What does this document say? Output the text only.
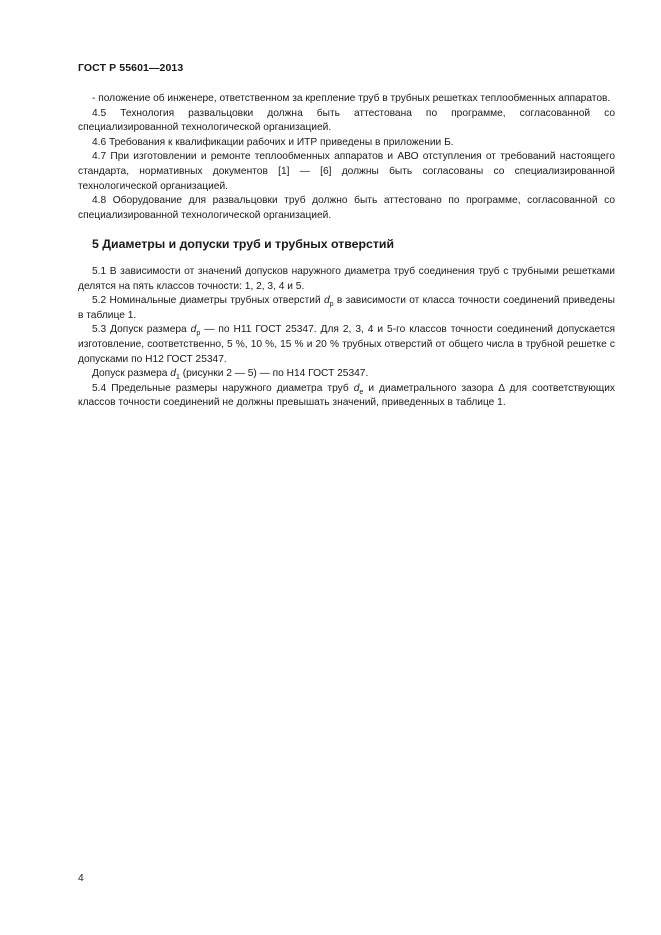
ГОСТ Р 55601—2013

- положение об инженере, ответственном за крепление труб в трубных решетках теплообменных аппаратов.

4.5 Технология развальцовки должна быть аттестована по программе, согласованной со специализированной технологической организацией.

4.6 Требования к квалификации рабочих и ИТР приведены в приложении Б.

4.7 При изготовлении и ремонте теплообменных аппаратов и АВО отступления от требований настоящего стандарта, нормативных документов [1] — [6] должны быть согласованы со специализированной технологической организацией.

4.8 Оборудование для развальцовки труб должно быть аттестовано по программе, согласованной со специализированной технологической организацией.

5 Диаметры и допуски труб и трубных отверстий

5.1 В зависимости от значений допусков наружного диаметра труб соединения труб с трубными решетками делятся на пять классов точности: 1, 2, 3, 4 и 5.

5.2 Номинальные диаметры трубных отверстий $d_p$ в зависимости от класса точности соединений приведены в таблице 1.

5.3 Допуск размера $d_p$ — по Н11 ГОСТ 25347. Для 2, 3, 4 и 5-го классов точности соединений допускается изготовление, соответственно, 5 %, 10 %, 15 % и 20 % трубных отверстий от общего числа в трубной решетке с допусками по Н12 ГОСТ 25347.

Допуск размера $d_1$ (рисунки 2 — 5) — по Н14 ГОСТ 25347.

5.4 Предельные размеры наружного диаметра труб $d_e$ и диаметрального зазора Δ для соответствующих классов точности соединений не должны превышать значений, приведенных в таблице 1.

4
